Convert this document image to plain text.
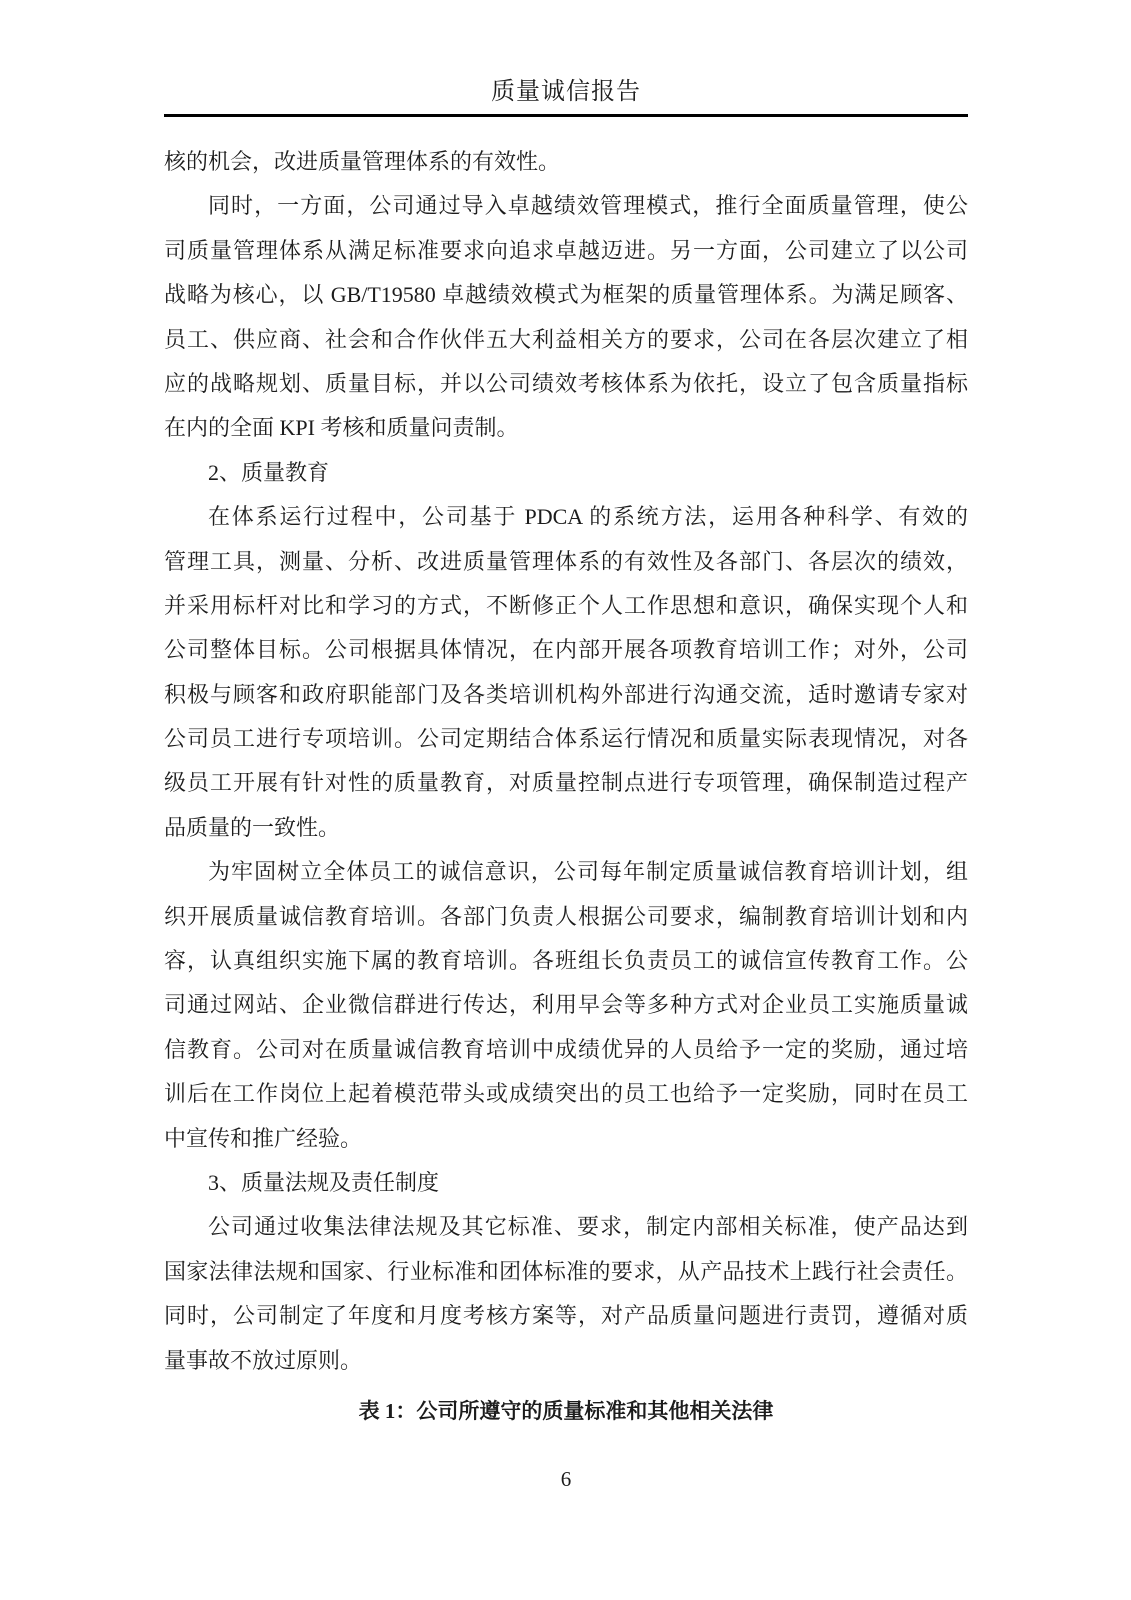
质量诚信报告
核的机会，改进质量管理体系的有效性。
同时，一方面，公司通过导入卓越绩效管理模式，推行全面质量管理，使公
司质量管理体系从满足标准要求向追求卓越迈进。另一方面，公司建立了以公司
战略为核心，以 GB/T19580 卓越绩效模式为框架的质量管理体系。为满足顾客、
员工、供应商、社会和合作伙伴五大利益相关方的要求，公司在各层次建立了相
应的战略规划、质量目标，并以公司绩效考核体系为依托，设立了包含质量指标
在内的全面 KPI 考核和质量问责制。
2、质量教育
在体系运行过程中，公司基于 PDCA 的系统方法，运用各种科学、有效的
管理工具，测量、分析、改进质量管理体系的有效性及各部门、各层次的绩效，
并采用标杆对比和学习的方式，不断修正个人工作思想和意识，确保实现个人和
公司整体目标。公司根据具体情况，在内部开展各项教育培训工作；对外，公司
积极与顾客和政府职能部门及各类培训机构外部进行沟通交流，适时邀请专家对
公司员工进行专项培训。公司定期结合体系运行情况和质量实际表现情况，对各
级员工开展有针对性的质量教育，对质量控制点进行专项管理，确保制造过程产
品质量的一致性。
为牢固树立全体员工的诚信意识，公司每年制定质量诚信教育培训计划，组
织开展质量诚信教育培训。各部门负责人根据公司要求，编制教育培训计划和内
容，认真组织实施下属的教育培训。各班组长负责员工的诚信宣传教育工作。公
司通过网站、企业微信群进行传达，利用早会等多种方式对企业员工实施质量诚
信教育。公司对在质量诚信教育培训中成绩优异的人员给予一定的奖励，通过培
训后在工作岗位上起着模范带头或成绩突出的员工也给予一定奖励，同时在员工
中宣传和推广经验。
3、质量法规及责任制度
公司通过收集法律法规及其它标准、要求，制定内部相关标准，使产品达到
国家法律法规和国家、行业标准和团体标准的要求，从产品技术上践行社会责任。
同时，公司制定了年度和月度考核方案等，对产品质量问题进行责罚，遵循对质
量事故不放过原则。
表 1：公司所遵守的质量标准和其他相关法律
6
